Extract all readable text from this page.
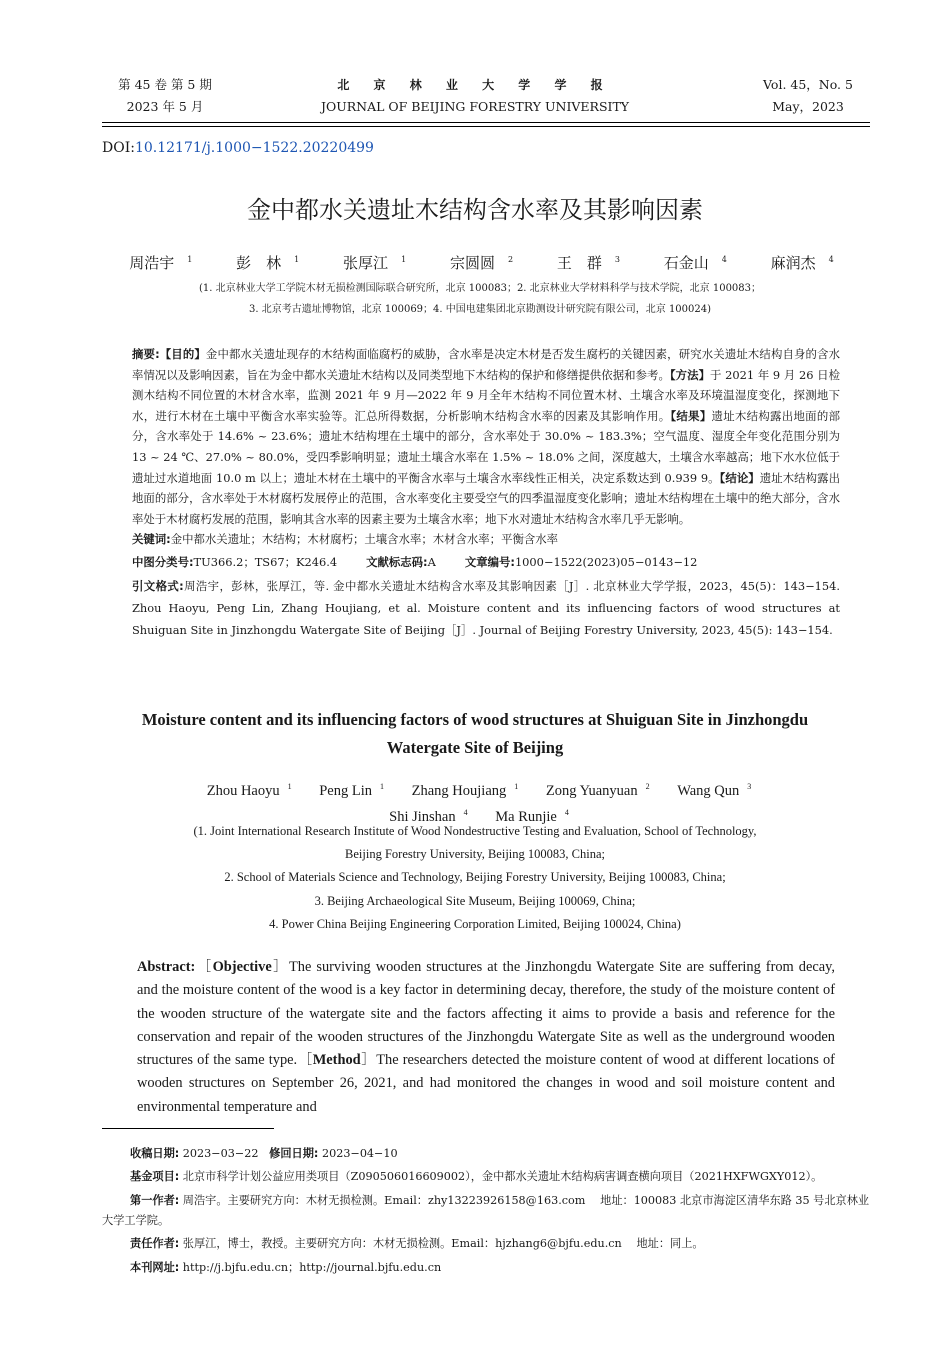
第 45 卷 第 5 期
2023 年 5 月
北 京 林 业 大 学 学 报
JOURNAL OF BEIJING FORESTRY UNIVERSITY
Vol. 45，No. 5
May，2023
DOI:10.12171/j.1000−1522.20220499
金中都水关遗址木结构含水率及其影响因素
周浩宇 $^1$	彭　林 $^1$	张厚江 $^1$	宗圆圆 $^2$	王　群 $^3$	石金山 $^4$	麻润杰 $^4$
(1. 北京林业大学工学院木材无损检测国际联合研究所，北京 100083；2. 北京林业大学材料科学与技术学院，北京 100083；
3. 北京考古遗址博物馆，北京 100069；4. 中国电建集团北京勘测设计研究院有限公司，北京 100024)

摘要:【目的】金中都水关遗址现存的木结构面临腐朽的威胁，含水率是决定木材是否发生腐朽的关键因素，研究水关遗址木结构自身的含水率情况以及影响因素，旨在为金中都水关遗址木结构以及同类型地下木结构的保护和修缮提供依据和参考。【方法】于 2021 年 9 月 26 日检测木结构不同位置的木材含水率，监测 2021 年 9 月—2022 年 9 月全年木结构不同位置木材、土壤含水率及环境温湿度变化，探测地下水，进行木材在土壤中平衡含水率实验等。汇总所得数据，分析影响木结构含水率的因素及其影响作用。【结果】遗址木结构露出地面的部分，含水率处于 14.6% ~ 23.6%；遗址木结构埋在土壤中的部分，含水率处于 30.0% ~ 183.3%；空气温度、湿度全年变化范围分别为 13 ~ 24 ℃、27.0% ~ 80.0%，受四季影响明显；遗址土壤含水率在 1.5% ~ 18.0% 之间，深度越大，土壤含水率越高；地下水水位低于遗址过水道地面 10.0 m 以上；遗址木材在土壤中的平衡含水率与土壤含水率线性正相关，决定系数达到 0.939 9。【结论】遗址木结构露出地面的部分，含水率处于木材腐朽发展停止的范围，含水率变化主要受空气的四季温湿度变化影响；遗址木结构埋在土壤中的绝大部分，含水率处于木材腐朽发展的范围，影响其含水率的因素主要为土壤含水率；地下水对遗址木结构含水率几乎无影响。

关键词:金中都水关遗址；木结构；木材腐朽；土壤含水率；木材含水率；平衡含水率

中图分类号:TU366.2；TS67；K246.4	文献标志码:A	文章编号:1000−1522(2023)05−0143−12

引文格式:周浩宇，彭林，张厚江，等. 金中都水关遗址木结构含水率及其影响因素［J］. 北京林业大学学报，2023，45(5)：143−154. Zhou Haoyu, Peng Lin, Zhang Houjiang, et al. Moisture content and its influencing factors of wood structures at Shuiguan Site in Jinzhongdu Watergate Site of Beijing［J］. Journal of Beijing Forestry University, 2023, 45(5): 143−154.

Moisture content and its influencing factors of wood structures at Shuiguan Site in Jinzhongdu Watergate Site of Beijing
Zhou Haoyu $^1$ Peng Lin $^1$ Zhang Houjiang $^1$ Zong Yuanyuan $^2$ Wang Qun $^3$
Shi Jinshan $^4$ Ma Runjie $^4$
(1. Joint International Research Institute of Wood Nondestructive Testing and Evaluation, School of Technology,
Beijing Forestry University, Beijing 100083, China;
2. School of Materials Science and Technology, Beijing Forestry University, Beijing 100083, China;
3. Beijing Archaeological Site Museum, Beijing 100069, China;
4. Power China Beijing Engineering Corporation Limited, Beijing 100024, China)
Abstract:［Objective］The surviving wooden structures at the Jinzhongdu Watergate Site are suffering from decay, and the moisture content of the wood is a key factor in determining decay, therefore, the study of the moisture content of the wooden structure of the watergate site and the factors affecting it aims to provide a basis and reference for the conservation and repair of the wooden structures of the Jinzhongdu Watergate Site as well as the underground wooden structures of the same type.［Method］The researchers detected the moisture content of wood at different locations of wooden structures on September 26, 2021, and had monitored the changes in wood and soil moisture content and environmental temperature and

收稿日期: 2023−03−22 修回日期: 2023−04−10

基金项目: 北京市科学计划公益应用类项目（Z090506016609002），金中都水关遗址木结构病害调查横向项目（2021HXFWGXY012）。

第一作者: 周浩宇。主要研究方向：木材无损检测。Email：zhy13223926158@163.com　 地址：100083 北京市海淀区清华东路 35 号北京林业大学工学院。

责任作者: 张厚江，博士，教授。主要研究方向：木材无损检测。Email：hjzhang6@bjfu.edu.cn　 地址：同上。

本刊网址: http://j.bjfu.edu.cn；http://journal.bjfu.edu.cn
